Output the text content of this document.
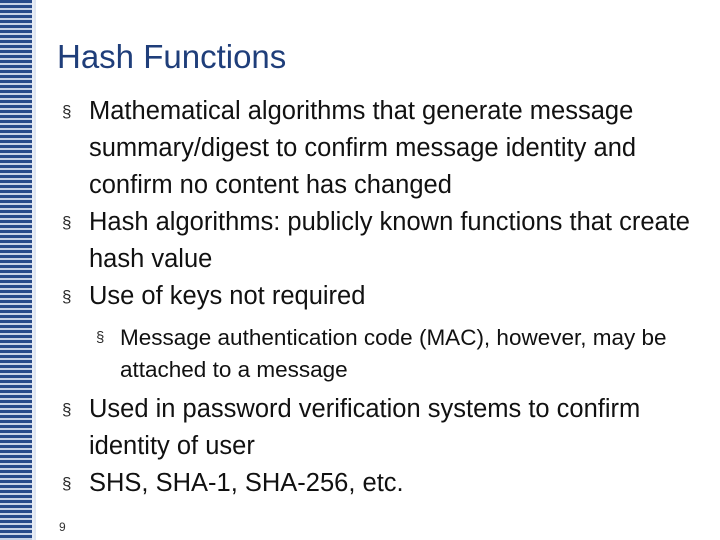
Hash Functions
§ Mathematical algorithms that generate message summary/digest to confirm message identity and confirm no content has changed
§ Hash algorithms: publicly known functions that create hash value
§ Use of keys not required
§ Message authentication code (MAC), however, may be attached to a message
§ Used in password verification systems to confirm identity of user
§ SHS, SHA-1, SHA-256, etc.
9
